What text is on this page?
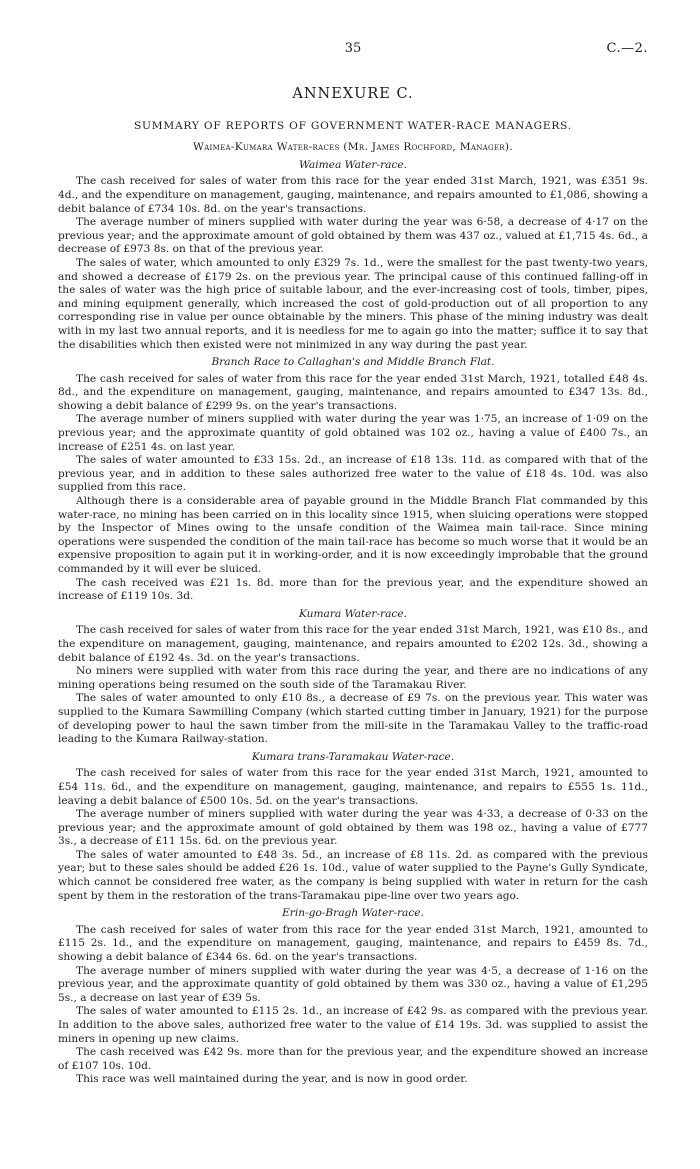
35	C.—2.
ANNEXURE C.
SUMMARY OF REPORTS OF GOVERNMENT WATER-RACE MANAGERS.
Waimea-Kumara Water-races (Mr. James Rochford, Manager).
Waimea Water-race.

The cash received for sales of water from this race for the year ended 31st March, 1921, was £351 9s. 4d., and the expenditure on management, gauging, maintenance, and repairs amounted to £1,086, showing a debit balance of £734 10s. 8d. on the year's transactions.

The average number of miners supplied with water during the year was 6·58, a decrease of 4·17 on the previous year; and the approximate amount of gold obtained by them was 437 oz., valued at £1,715 4s. 6d., a decrease of £973 8s. on that of the previous year.

The sales of water, which amounted to only £329 7s. 1d., were the smallest for the past twenty-two years, and showed a decrease of £179 2s. on the previous year. The principal cause of this continued falling-off in the sales of water was the high price of suitable labour, and the ever-increasing cost of tools, timber, pipes, and mining equipment generally, which increased the cost of gold-production out of all proportion to any corresponding rise in value per ounce obtainable by the miners. This phase of the mining industry was dealt with in my last two annual reports, and it is needless for me to again go into the matter; suffice it to say that the disabilities which then existed were not minimized in any way during the past year.

Branch Race to Callaghan's and Middle Branch Flat.

The cash received for sales of water from this race for the year ended 31st March, 1921, totalled £48 4s. 8d., and the expenditure on management, gauging, maintenance, and repairs amounted to £347 13s. 8d., showing a debit balance of £299 9s. on the year's transactions.

The average number of miners supplied with water during the year was 1·75, an increase of 1·09 on the previous year; and the approximate quantity of gold obtained was 102 oz., having a value of £400 7s., an increase of £251 4s. on last year.

The sales of water amounted to £33 15s. 2d., an increase of £18 13s. 11d. as compared with that of the previous year, and in addition to these sales authorized free water to the value of £18 4s. 10d. was also supplied from this race.

Although there is a considerable area of payable ground in the Middle Branch Flat commanded by this water-race, no mining has been carried on in this locality since 1915, when sluicing operations were stopped by the Inspector of Mines owing to the unsafe condition of the Waimea main tail-race. Since mining operations were suspended the condition of the main tail-race has become so much worse that it would be an expensive proposition to again put it in working-order, and it is now exceedingly improbable that the ground commanded by it will ever be sluiced.

The cash received was £21 1s. 8d. more than for the previous year, and the expenditure showed an increase of £119 10s. 3d.

Kumara Water-race.

The cash received for sales of water from this race for the year ended 31st March, 1921, was £10 8s., and the expenditure on management, gauging, maintenance, and repairs amounted to £202 12s. 3d., showing a debit balance of £192 4s. 3d. on the year's transactions.

No miners were supplied with water from this race during the year, and there are no indications of any mining operations being resumed on the south side of the Taramakau River.

The sales of water amounted to only £10 8s., a decrease of £9 7s. on the previous year. This water was supplied to the Kumara Sawmilling Company (which started cutting timber in January, 1921) for the purpose of developing power to haul the sawn timber from the mill-site in the Taramakau Valley to the traffic-road leading to the Kumara Railway-station.

Kumara trans-Taramakau Water-race.

The cash received for sales of water from this race for the year ended 31st March, 1921, amounted to £54 11s. 6d., and the expenditure on management, gauging, maintenance, and repairs to £555 1s. 11d., leaving a debit balance of £500 10s. 5d. on the year's transactions.

The average number of miners supplied with water during the year was 4·33, a decrease of 0·33 on the previous year; and the approximate amount of gold obtained by them was 198 oz., having a value of £777 3s., a decrease of £11 15s. 6d. on the previous year.

The sales of water amounted to £48 3s. 5d., an increase of £8 11s. 2d. as compared with the previous year; but to these sales should be added £26 1s. 10d., value of water supplied to the Payne's Gully Syndicate, which cannot be considered free water, as the company is being supplied with water in return for the cash spent by them in the restoration of the trans-Taramakau pipe-line over two years ago.

Erin-go-Bragh Water-race.

The cash received for sales of water from this race for the year ended 31st March, 1921, amounted to £115 2s. 1d., and the expenditure on management, gauging, maintenance, and repairs to £459 8s. 7d., showing a debit balance of £344 6s. 6d. on the year's transactions.

The average number of miners supplied with water during the year was 4·5, a decrease of 1·16 on the previous year, and the approximate quantity of gold obtained by them was 330 oz., having a value of £1,295 5s., a decrease on last year of £39 5s.

The sales of water amounted to £115 2s. 1d., an increase of £42 9s. as compared with the previous year. In addition to the above sales, authorized free water to the value of £14 19s. 3d. was supplied to assist the miners in opening up new claims.

The cash received was £42 9s. more than for the previous year, and the expenditure showed an increase of £107 10s. 10d.

This race was well maintained during the year, and is now in good order.
